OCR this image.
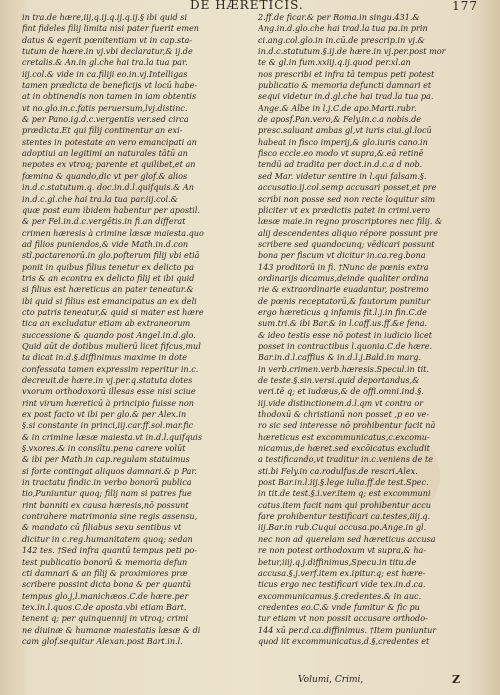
DE HÆRETICIS.	177
in tra.de hære,iij,q.ij.q.ij.q.ij.§ ibi quid si
fint fideles filij limita nisi pater fuerit emen
datus & egerit pœnitentiam vt in cap.sta-
tutum de hære.in vj.vbi declaratur,& ij.de
cretalis.& An.in gl.che hai tra.la tua par.
iij.col.& vide in ca.filiji eo.in.vj.Intelligas
tamen prædicta de beneficijs vt locū habe-
at in obtinendis non tamen in iam obtentis
vt no.glo.in.c.fatis peruersum,lvj.distinc.
& per Pano.ig.d.c.vergentis ver.sed circa
prædicta.Et qui filij continentur an exi-
stentes in potestate an vero emancipati an
adoptiui an legitimi an naturales tātū an
nepotes ex vtroq; parente et quilibet,et an
fœmina & quando,dic vt per glof.& alios
in.d.c.statutum.q. doc.in.d.l.quifquis.& An
in.d.c.gl.che hai tra.la tua par.iij.col.&
quæ post eum ibidem habentur per apostil.
& per Fel.in.d.c.vergētis.in fi.an differat
crimen hæresis à crimine læsæ maiesta.quo
ad filios puniendos,& vide Math.in.d.con
stl.pactarenorū.in glo.pofterum filij vbi etiā
ponit in quibus filius tenetur ex delicto pa
tris & an econtra ex delicto filij et ibi quid
si filius est hæreticus an pater teneatur.&
ibi quid si filius est emancipatus an ex deli
cto patris teneatur,& quid si mater est hære
tica an excludatur etiam ab extraneorum
successione & quando post Angel.in.d.glo.
Quid aūt de dotibus mulierū licet fifcus,mul
ta dicat in.d.§.diffinimus maxime in dote
confessata tamen expressim reperitur in.c.
decreuit.de hære.in vj.per.q.statuta dotes
vxorum orthodoxorū illesas esse nisi sciue
rint virum hæreticū à principio fuisse non
ex post facto vt ibi per glo.& per Alex.in
§.si constante in princi,iij.car.ff.sol.mar.fic
& in crimine læsæ maiesta.vt in.d.l.quifquis
§.vxores.& in consiltu.pena carere volūt
& ibi per Math.in cap.regulam statuimus
si forte contingat aliquos damnari.& p Par.
in tractatu findic.in verbo bonorū publica
tio,Puniuntur quoq; filij nam si patres fue
rint banniti ex causa hæresis,nō possunt
contrahere matrimonia sine regis assensu,
& mandato cū filiabus sexu sentibus vt
dicitur in c.reg.humanitatem quoq; sedan
142 tes. †Sed infra quantū tempus peti po-
test publicatio bonorū & memoria defun
cti damnari & an filij & proximiores præ
scribere possint dicta bona & per quantū
tempus glo.j,l.manichæos.C.de hære.per
tex.in.l.quos.C.de aposta.vbi etiam Bart.
tenent q; per quinquennij in vtroq; crimi
ne diuinæ & humanæ maiestatis læsæ & di
cam glof.sequitur Alexan.post Bart.in.l.
2.ff.de ficar.& per Roma.in singu.431.&
Ang.in.d.glo.che hai trad.la tua pa.in prin
ci.ang.col.glo.in in.cū.de prescrip.in vj.&
in.d.c.statutum.§.ij.de hære.in vj.per.post mor
te & gl.in fum.xxiij.q.ij.quod per.xl.an
nos prescribi et infra tā tempus peti potest
publicatio & memoria defuncti damnari et
sequi videtur in.d.gl.che hai trad.la tua pa.
Ange.& Albe in l.j.C.de apo.Marti.rubr.
de aposf.Pan.vero,& Fely.in.c.a nobis.de
presc.saluant ambas gl,vt iuris ciui.gl.locū
habeat in fisco imperij,& glo.iuris cano.in
fisco eccle.eo modo vt supra,&.eā retinē
tendū ad tradita per doct.in.d.c.a d nob.
sed Mar. videtur sentire in l.qui falsam.§.
accusatio.ij.col.semp accusari posset,et pre
scribi non posse sed non recte loquitur sim
pliciter vt ex prædictis patet in crimi.vero
læsæ maie.in regno proscriptores nec filij. &
alij descendentes aliquo répore possunt pre
scribere sed quandocunq; vēdicari possunt
bona per fiscum vt dicitur in.ca.reg.bona
143 proditorū in fi. †Nunc de pœnis extra
ordinarijs dicamus,deinde qualiter ordina
rie & extraordinarie euadantur, postremo
de pœnis receptatorū,& fautorum punitur
ergo hæreticus q infamis fit.l.j.in fin.C.de
sum.tri.& ibi Bar.& in l.caff.us.ff.&e fena.
& ideo testis esse nō potest in iudicio licet
posset in contractibus l.quonia.C.de hære.
Bar.in.d.l.caffius & in.d.l.j.Bald.in marg.
in verb.crimen.verb.hæresis.Specul.in tit.
de teste.§.sin.versi.quid deportandus,&
veri.tē q; et iudæus,& de offi.omni.ind.§.
iij.vide distinctionem.d.l.qm vt contra or
thodoxū & christianū non posset ,p eo ve-
ro sic sed interesse nō prohibentur facit nā
hæreticus est excommunicatus,c.excomu-
nicamus,de hæret.sed excōicatus excludit
a testificando,vt traditur in.c.veniens de te
sti.bi Fely.in ca.rodulfus.de rescri.Alex.
post Bar.in.l.iij.§.lege iulia.ff.de test.Spec.
in tit.de test.§.i.ver.item q; est excommuni
catus.item facit nam qui prohibentur accu
fare prohibentur testificari ca.testes,iiij.q.
iij.Bar.in rub.Cuqui accusa.po.Ange.in gl.
nec non ad querelam sed hæreticus accusa
re non potest orthodoxum vt supra,& ha-
betur,iiij.q.j.diffinimus,Specu.in titu.de
accusa.§.j.verf.item ex.ipitur.q; est hære-
ticus ergo nec testificari vide tex.in.d.ca.
excommunicamus.§.credentes.& in auc.
credentes eo.C.& vnde fumitur & fic pu
tur etiam vt non possit accusare orthodo-
144 xū per.d.ca.diffinimus. †Item puniuntur
quod iit excommunicatus,d.§,credentes et
Volumi, Crimi,	Z
